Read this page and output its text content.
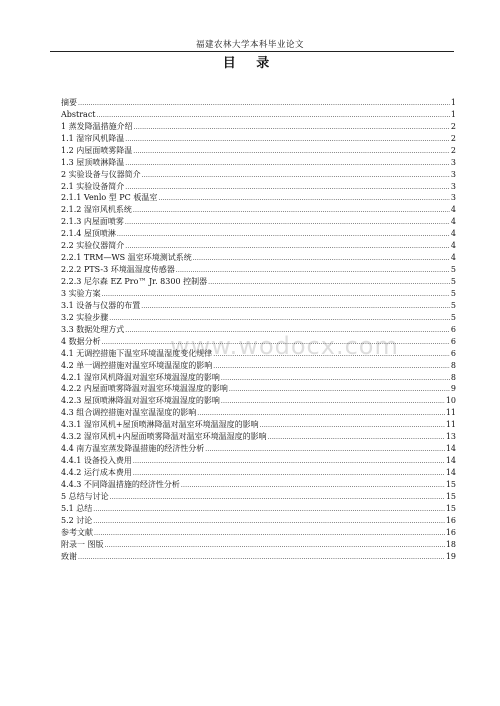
福建农林大学本科毕业论文
目 录
www.wodocx.com
摘要 .....	1
Abstract .....	1
1 蒸发降温措施介绍 .....	2
1.1 湿帘风机降温 .....	2
1.2 内屋面喷雾降温 .....	2
1.3 屋顶喷淋降温 .....	3
2 实验设备与仪器简介 .....	3
2.1 实验设备简介 .....	3
2.1.1 Venlo 型 PC 板温室 .....	3
2.1.2 湿帘风机系统 .....	4
2.1.3 内屋面喷雾 .....	4
2.1.4 屋顶喷淋 .....	4
2.2 实验仪器简介 .....	4
2.2.1 TRM—WS 温室环境测试系统 .....	4
2.2.2 PTS-3 环境温湿度传感器 .....	5
2.2.3 尼尔森 EZ Pro™ Jr. 8300 控制器 .....	5
3 实验方案 .....	5
3.1 设备与仪器的布置 .....	5
3.2 实验步骤 .....	5
3.3 数据处理方式 .....	6
4 数据分析 .....	6
4.1 无调控措施下温室环境温湿度变化规律 .....	6
4.2 单一调控措施对温室环境温湿度的影响 .....	8
4.2.1 湿帘风机降温对温室环境温湿度的影响 .....	8
4.2.2 内屋面喷雾降温对温室环境温湿度的影响 .....	9
4.2.3 屋顶喷淋降温对温室环境温湿度的影响 .....	10
4.3 组合调控措施对温室温湿度的影响 .....	11
4.3.1 湿帘风机+屋顶喷淋降温对温室环境温湿度的影响 .....	11
4.3.2 湿帘风机+内屋面喷雾降温对温室环境温湿度的影响 .....	13
4.4 南方温室蒸发降温措施的经济性分析 .....	14
4.4.1 设备投入费用 .....	14
4.4.2 运行成本费用 .....	14
4.4.3 不同降温措施的经济性分析 .....	15
5 总结与讨论 .....	15
5.1 总结 .....	15
5.2 讨论 .....	16
参考文献 .....	16
附录一 图版 .....	18
致谢 .....	19
